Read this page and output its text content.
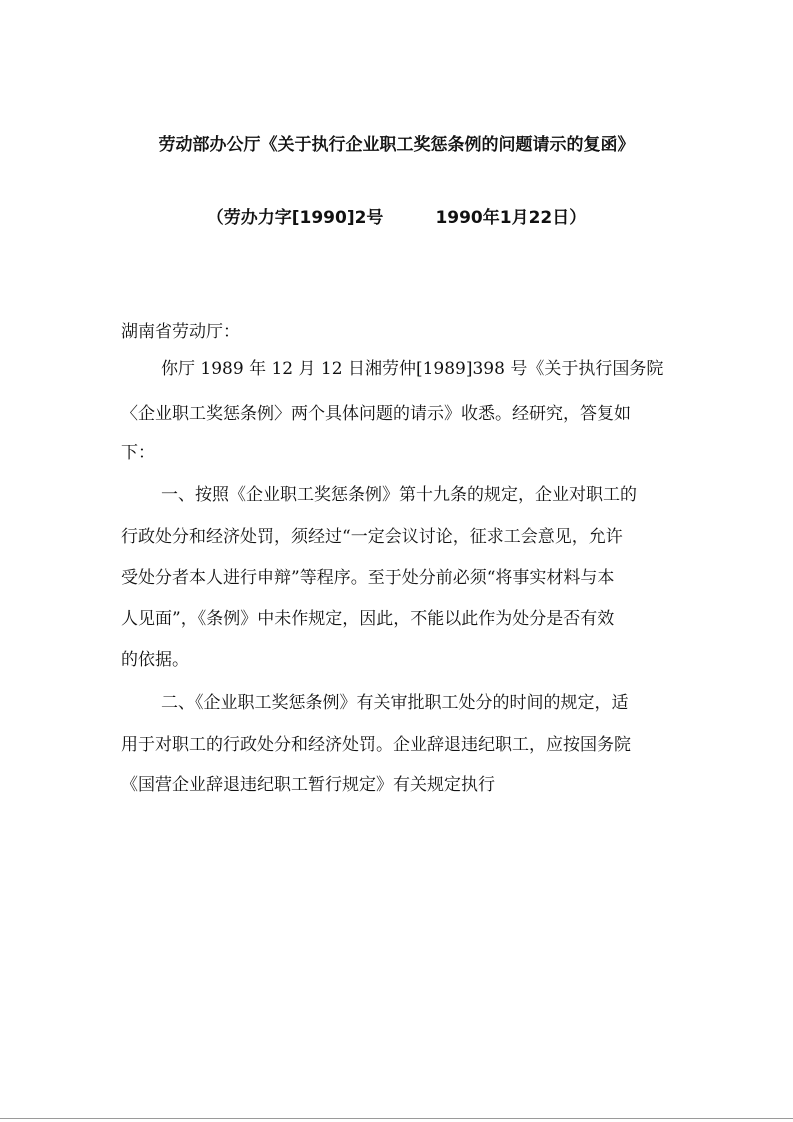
劳动部办公厅《关于执行企业职工奖惩条例的问题请示的复函》
（劳办力字[1990]2号	1990年1月22日）
湖南省劳动厅：
你厅 1989 年 12 月 12 日湘劳仲[1989]398 号《关于执行国务院
〈企业职工奖惩条例〉两个具体问题的请示》收悉。经研究，答复如
下：
一、按照《企业职工奖惩条例》第十九条的规定，企业对职工的
行政处分和经济处罚，须经过“一定会议讨论，征求工会意见，允许
受处分者本人进行申辩”等程序。至于处分前必须“将事实材料与本
人见面”，《条例》中未作规定，因此，不能以此作为处分是否有效
的依据。
二、《企业职工奖惩条例》有关审批职工处分的时间的规定，适
用于对职工的行政处分和经济处罚。企业辞退违纪职工，应按国务院
《国营企业辞退违纪职工暂行规定》有关规定执行
